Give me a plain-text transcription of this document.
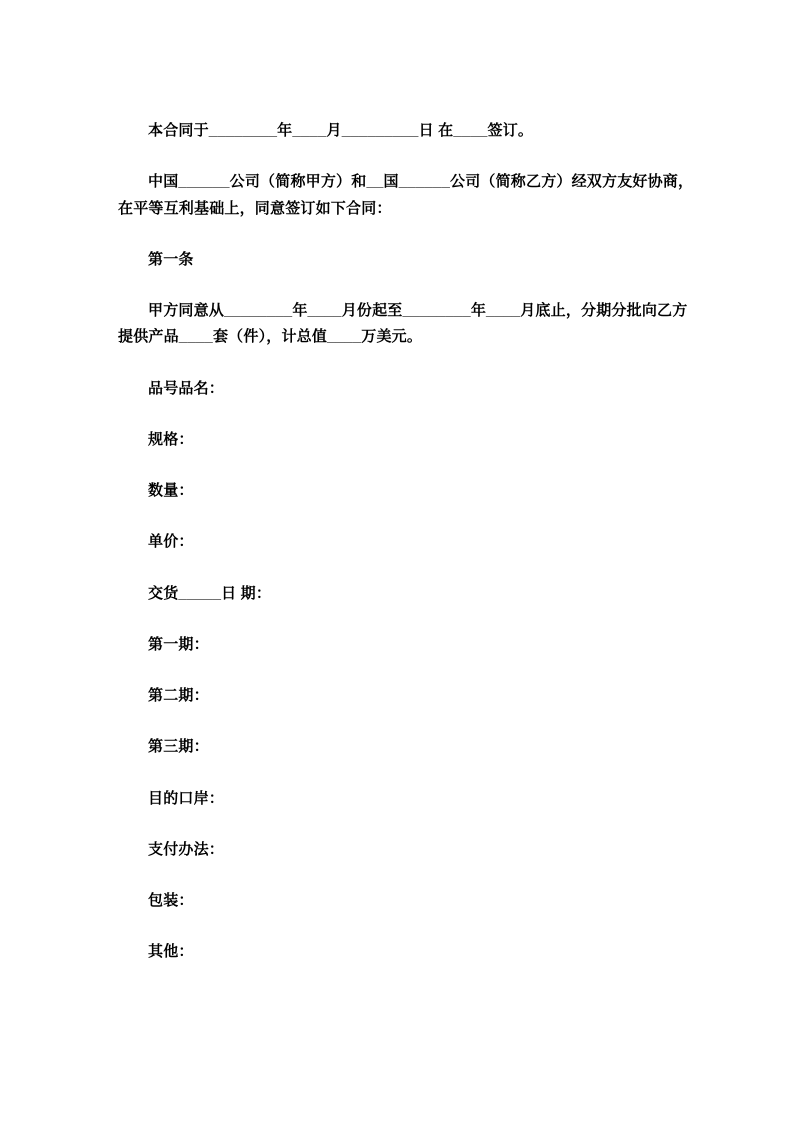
本合同于________年____月_________日 在____签订。

中国______公司（简称甲方）和__国______公司（简称乙方）经双方友好协商，在平等互利基础上，同意签订如下合同：

第一条

甲方同意从________年____月份起至________年____月底止，分期分批向乙方提供产品____套（件），计总值____万美元。

品号品名：

规格：

数量：

单价：

交货_____日 期：

第一期：

第二期：

第三期：

目的口岸：

支付办法：

包装：

其他：
